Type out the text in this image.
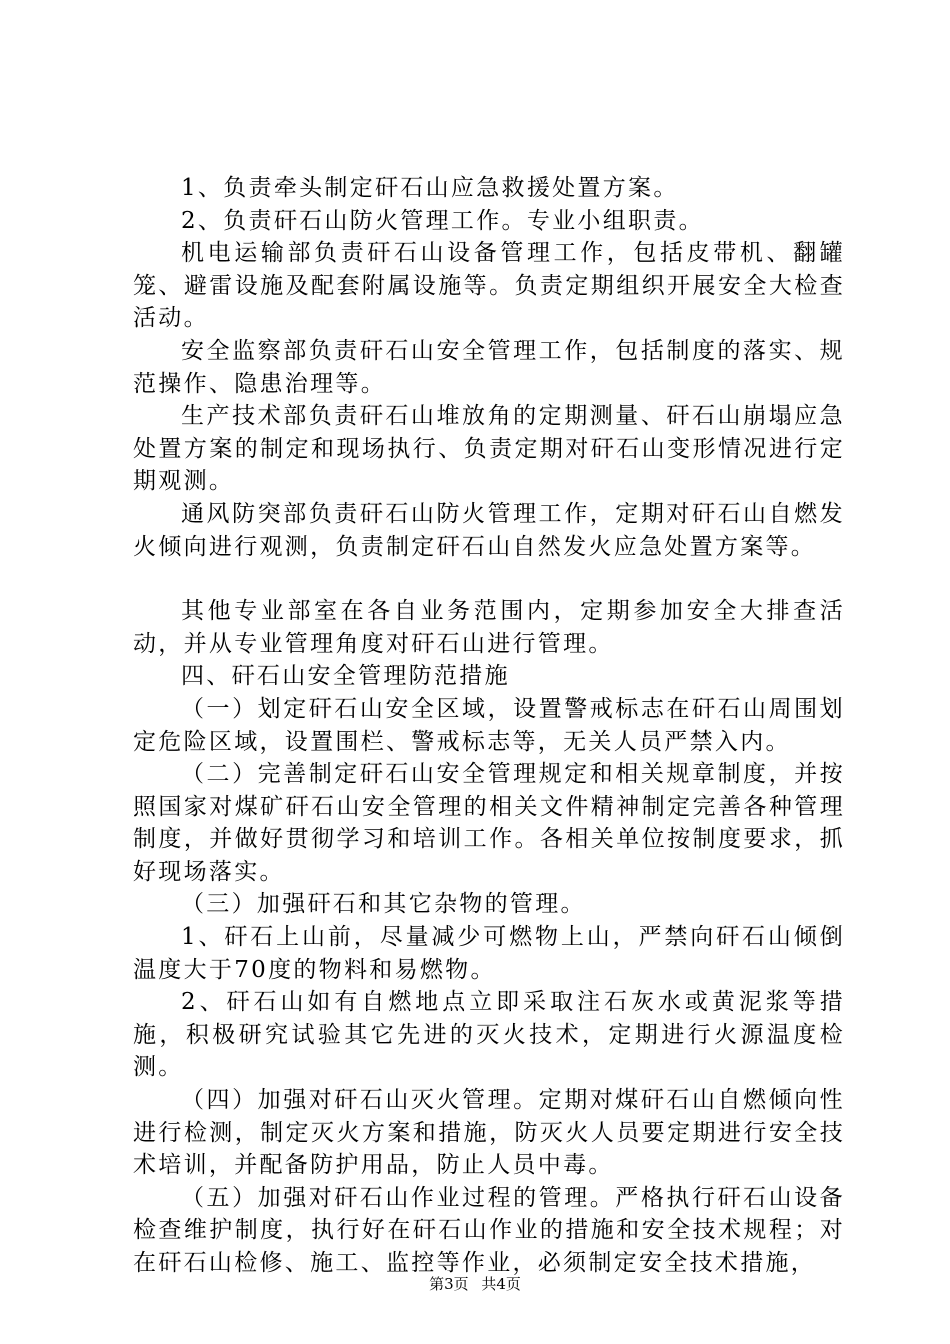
1、负责牵头制定矸石山应急救援处置方案。

2、负责矸石山防火管理工作。专业小组职责。

机电运输部负责矸石山设备管理工作，包括皮带机、翻罐笼、避雷设施及配套附属设施等。负责定期组织开展安全大检查活动。

安全监察部负责矸石山安全管理工作，包括制度的落实、规范操作、隐患治理等。

生产技术部负责矸石山堆放角的定期测量、矸石山崩塌应急处置方案的制定和现场执行、负责定期对矸石山变形情况进行定期观测。

通风防突部负责矸石山防火管理工作，定期对矸石山自燃发火倾向进行观测，负责制定矸石山自然发火应急处置方案等。

其他专业部室在各自业务范围内，定期参加安全大排查活动，并从专业管理角度对矸石山进行管理。

四、矸石山安全管理防范措施

（一）划定矸石山安全区域，设置警戒标志在矸石山周围划定危险区域，设置围栏、警戒标志等，无关人员严禁入内。

（二）完善制定矸石山安全管理规定和相关规章制度，并按照国家对煤矿矸石山安全管理的相关文件精神制定完善各种管理制度，并做好贯彻学习和培训工作。各相关单位按制度要求，抓好现场落实。

（三）加强矸石和其它杂物的管理。

1、矸石上山前，尽量减少可燃物上山，严禁向矸石山倾倒温度大于70度的物料和易燃物。

2、矸石山如有自燃地点立即采取注石灰水或黄泥浆等措施，积极研究试验其它先进的灭火技术，定期进行火源温度检测。

（四）加强对矸石山灭火管理。定期对煤矸石山自燃倾向性进行检测，制定灭火方案和措施，防灭火人员要定期进行安全技术培训，并配备防护用品，防止人员中毒。

（五）加强对矸石山作业过程的管理。严格执行矸石山设备检查维护制度，执行好在矸石山作业的措施和安全技术规程；对在矸石山检修、施工、监控等作业，必须制定安全技术措施，

第3页 共4页
